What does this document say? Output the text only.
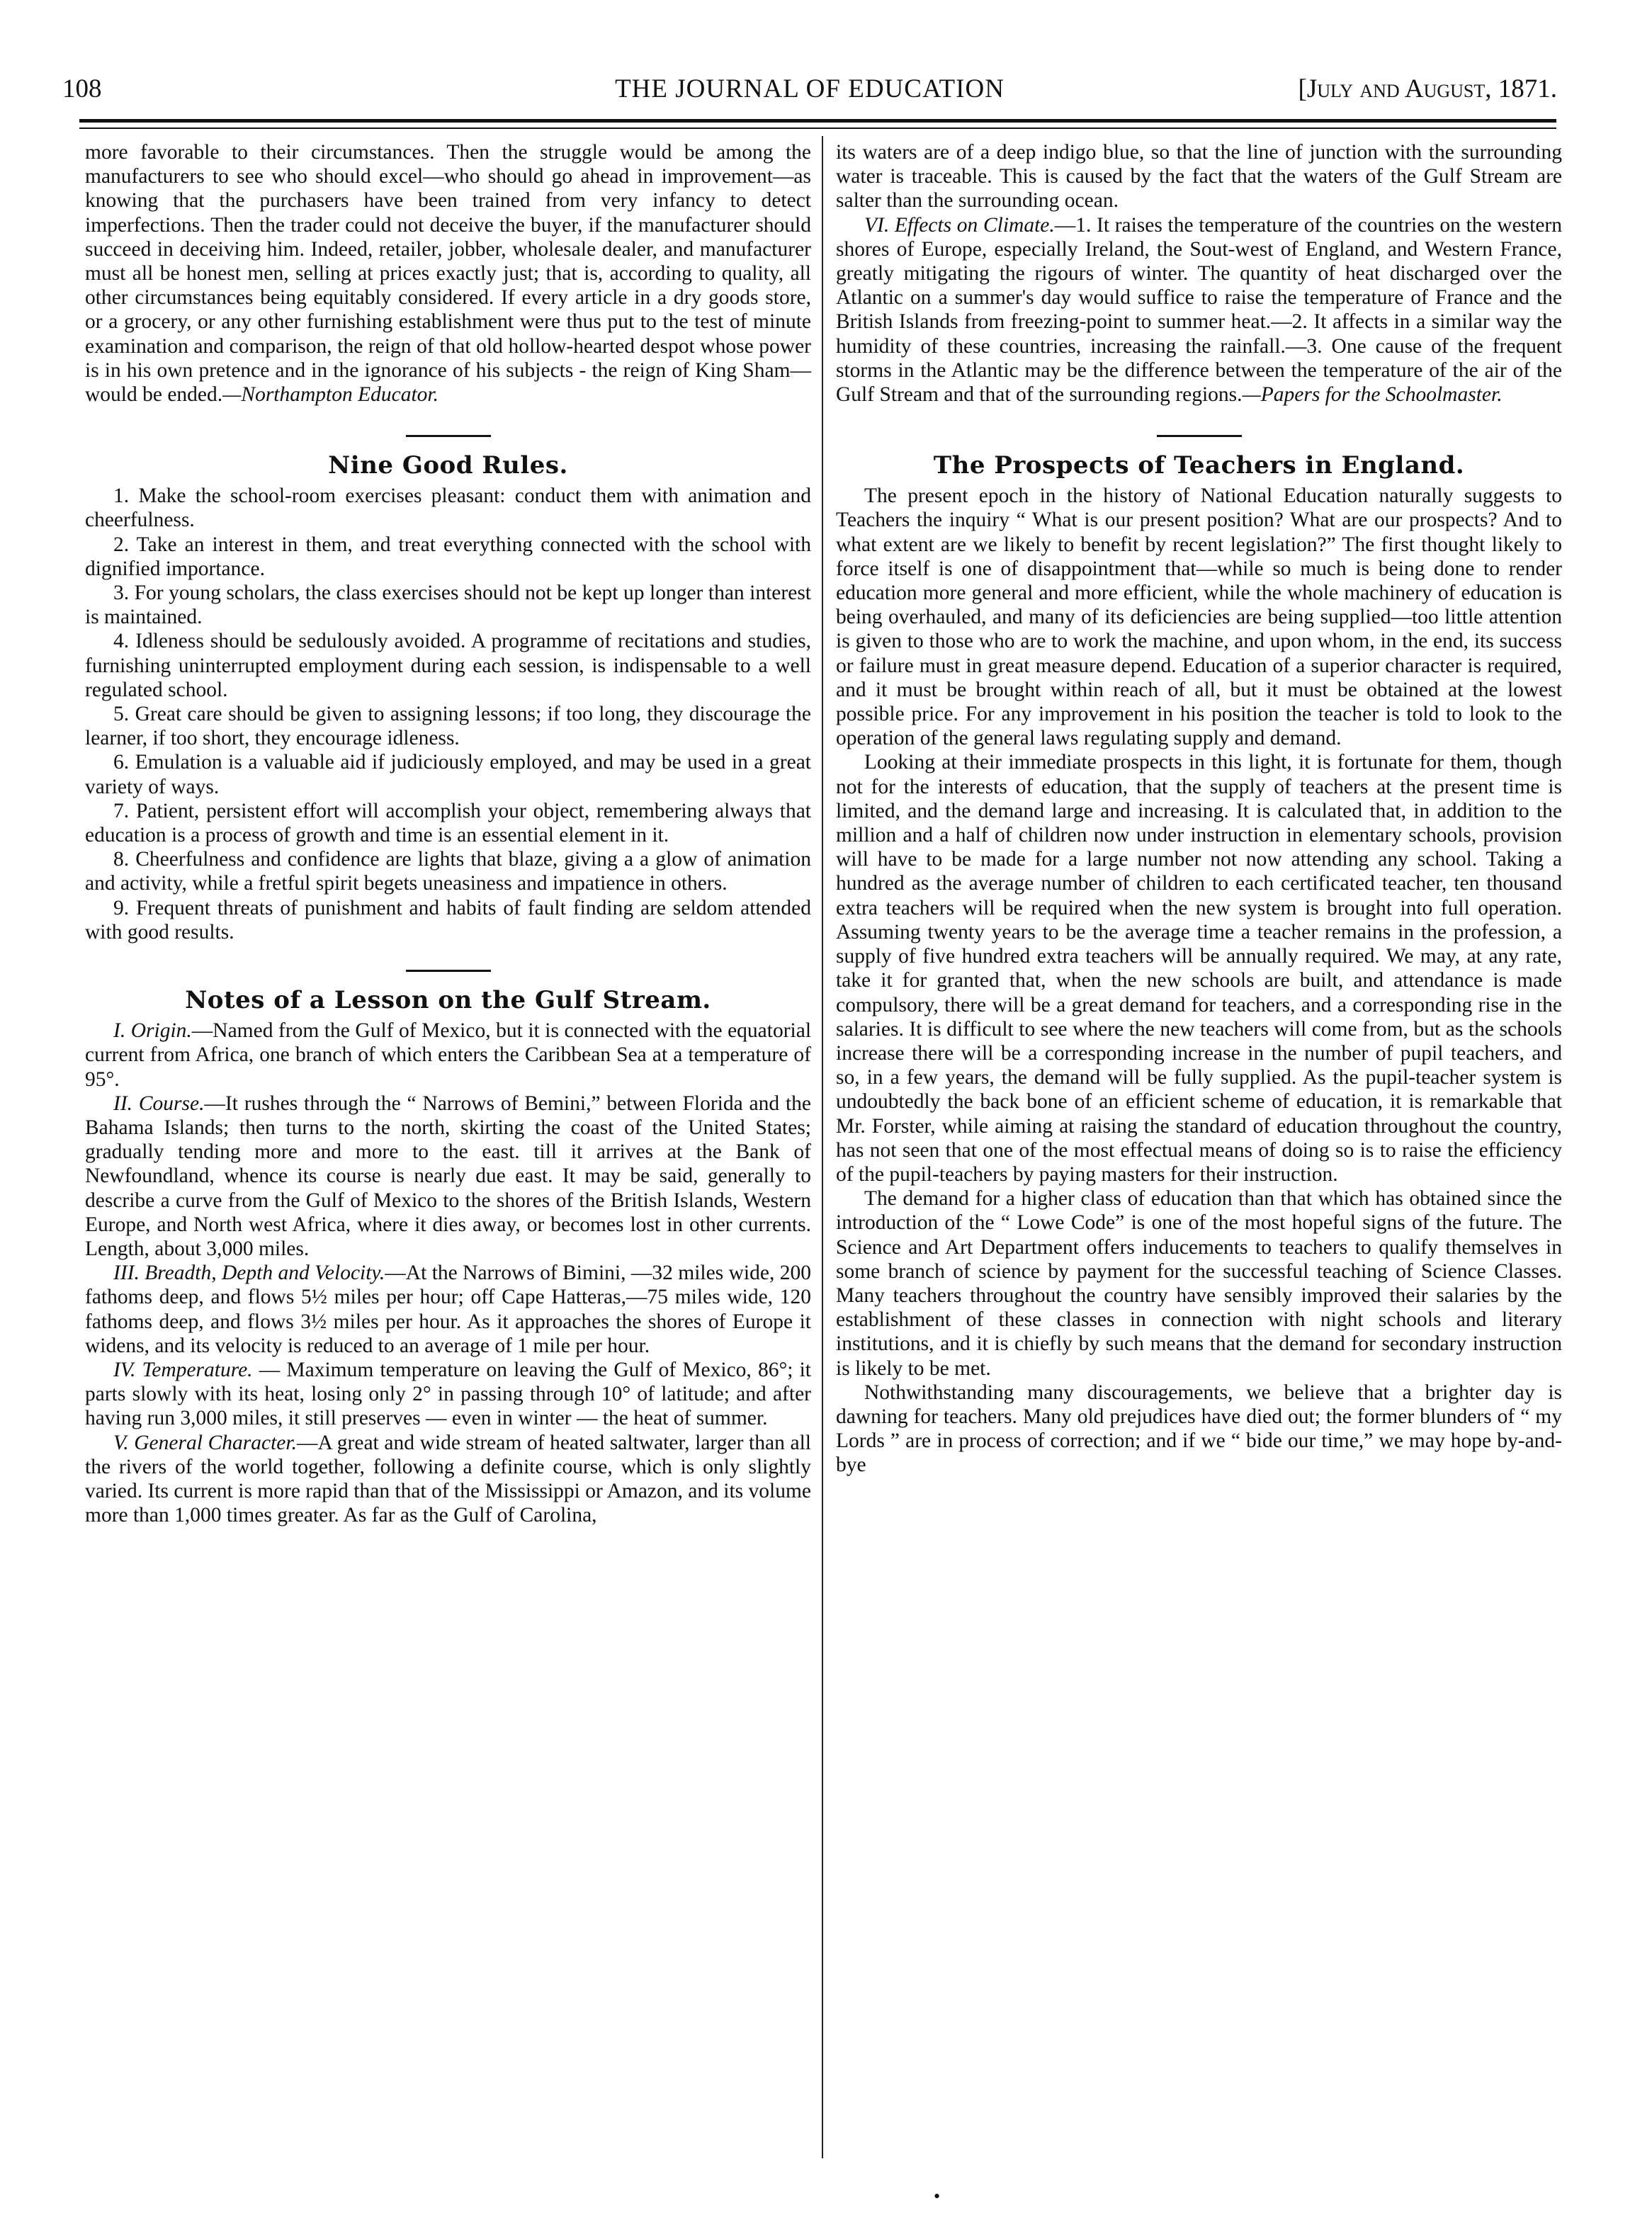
108	THE JOURNAL OF EDUCATION	[July and August, 1871.

more favorable to their circumstances. Then the struggle would be among the manufacturers to see who should excel—who should go ahead in improvement—as knowing that the purchasers have been trained from very infancy to detect imperfections. Then the trader could not deceive the buyer, if the manufacturer should succeed in deceiving him. Indeed, retailer, jobber, wholesale dealer, and manufacturer must all be honest men, selling at prices exactly just; that is, according to quality, all other circumstances being equitably considered. If every article in a dry goods store, or a grocery, or any other furnishing establishment were thus put to the test of minute examination and comparison, the reign of that old hollow-hearted despot whose power is in his own pretence and in the ignorance of his subjects - the reign of King Sham—would be ended.—Northampton Educator.

Nine Good Rules.

1. Make the school-room exercises pleasant: conduct them with animation and cheerfulness.

2. Take an interest in them, and treat everything connected with the school with dignified importance.

3. For young scholars, the class exercises should not be kept up longer than interest is maintained.

4. Idleness should be sedulously avoided. A programme of recitations and studies, furnishing uninterrupted employment during each session, is indispensable to a well regulated school.

5. Great care should be given to assigning lessons; if too long, they discourage the learner, if too short, they encourage idleness.

6. Emulation is a valuable aid if judiciously employed, and may be used in a great variety of ways.

7. Patient, persistent effort will accomplish your object, remembering always that education is a process of growth and time is an essential element in it.

8. Cheerfulness and confidence are lights that blaze, giving a a glow of animation and activity, while a fretful spirit begets uneasiness and impatience in others.

9. Frequent threats of punishment and habits of fault finding are seldom attended with good results.

Notes of a Lesson on the Gulf Stream.

I. Origin.—Named from the Gulf of Mexico, but it is connected with the equatorial current from Africa, one branch of which enters the Caribbean Sea at a temperature of 95°.

II. Course.—It rushes through the “ Narrows of Bemini,” between Florida and the Bahama Islands; then turns to the north, skirting the coast of the United States; gradually tending more and more to the east. till it arrives at the Bank of Newfoundland, whence its course is nearly due east. It may be said, generally to describe a curve from the Gulf of Mexico to the shores of the British Islands, Western Europe, and North west Africa, where it dies away, or becomes lost in other currents. Length, about 3,000 miles.

III. Breadth, Depth and Velocity.—At the Narrows of Bimini, —32 miles wide, 200 fathoms deep, and flows 5½ miles per hour; off Cape Hatteras,—75 miles wide, 120 fathoms deep, and flows 3½ miles per hour. As it approaches the shores of Europe it widens, and its velocity is reduced to an average of 1 mile per hour.

IV. Temperature. — Maximum temperature on leaving the Gulf of Mexico, 86°; it parts slowly with its heat, losing only 2° in passing through 10° of latitude; and after having run 3,000 miles, it still preserves — even in winter — the heat of summer.

V. General Character.—A great and wide stream of heated saltwater, larger than all the rivers of the world together, following a definite course, which is only slightly varied. Its current is more rapid than that of the Mississippi or Amazon, and its volume more than 1,000 times greater. As far as the Gulf of Carolina,

its waters are of a deep indigo blue, so that the line of junction with the surrounding water is traceable. This is caused by the fact that the waters of the Gulf Stream are salter than the surrounding ocean.

VI. Effects on Climate.—1. It raises the temperature of the countries on the western shores of Europe, especially Ireland, the Sout-west of England, and Western France, greatly mitigating the rigours of winter. The quantity of heat discharged over the Atlantic on a summer's day would suffice to raise the temperature of France and the British Islands from freezing-point to summer heat.—2. It affects in a similar way the humidity of these countries, increasing the rainfall.—3. One cause of the frequent storms in the Atlantic may be the difference between the temperature of the air of the Gulf Stream and that of the surrounding regions.—Papers for the Schoolmaster.

The Prospects of Teachers in England.

The present epoch in the history of National Education naturally suggests to Teachers the inquiry “ What is our present position? What are our prospects? And to what extent are we likely to benefit by recent legislation?” The first thought likely to force itself is one of disappointment that—while so much is being done to render education more general and more efficient, while the whole machinery of education is being overhauled, and many of its deficiencies are being supplied—too little attention is given to those who are to work the machine, and upon whom, in the end, its success or failure must in great measure depend. Education of a superior character is required, and it must be brought within reach of all, but it must be obtained at the lowest possible price. For any improvement in his position the teacher is told to look to the operation of the general laws regulating supply and demand.

Looking at their immediate prospects in this light, it is fortunate for them, though not for the interests of education, that the supply of teachers at the present time is limited, and the demand large and increasing. It is calculated that, in addition to the million and a half of children now under instruction in elementary schools, provision will have to be made for a large number not now attending any school. Taking a hundred as the average number of children to each certificated teacher, ten thousand extra teachers will be required when the new system is brought into full operation. Assuming twenty years to be the average time a teacher remains in the profession, a supply of five hundred extra teachers will be annually required. We may, at any rate, take it for granted that, when the new schools are built, and attendance is made compulsory, there will be a great demand for teachers, and a corresponding rise in the salaries. It is difficult to see where the new teachers will come from, but as the schools increase there will be a corresponding increase in the number of pupil teachers, and so, in a few years, the demand will be fully supplied. As the pupil-teacher system is undoubtedly the back bone of an efficient scheme of education, it is remarkable that Mr. Forster, while aiming at raising the standard of education throughout the country, has not seen that one of the most effectual means of doing so is to raise the efficiency of the pupil-teachers by paying masters for their instruction.

The demand for a higher class of education than that which has obtained since the introduction of the “ Lowe Code” is one of the most hopeful signs of the future. The Science and Art Department offers inducements to teachers to qualify themselves in some branch of science by payment for the successful teaching of Science Classes. Many teachers throughout the country have sensibly improved their salaries by the establishment of these classes in connection with night schools and literary institutions, and it is chiefly by such means that the demand for secondary instruction is likely to be met.

Nothwithstanding many discouragements, we believe that a brighter day is dawning for teachers. Many old prejudices have died out; the former blunders of “ my Lords ” are in process of correction; and if we “ bide our time,” we may hope by-and-bye

•
